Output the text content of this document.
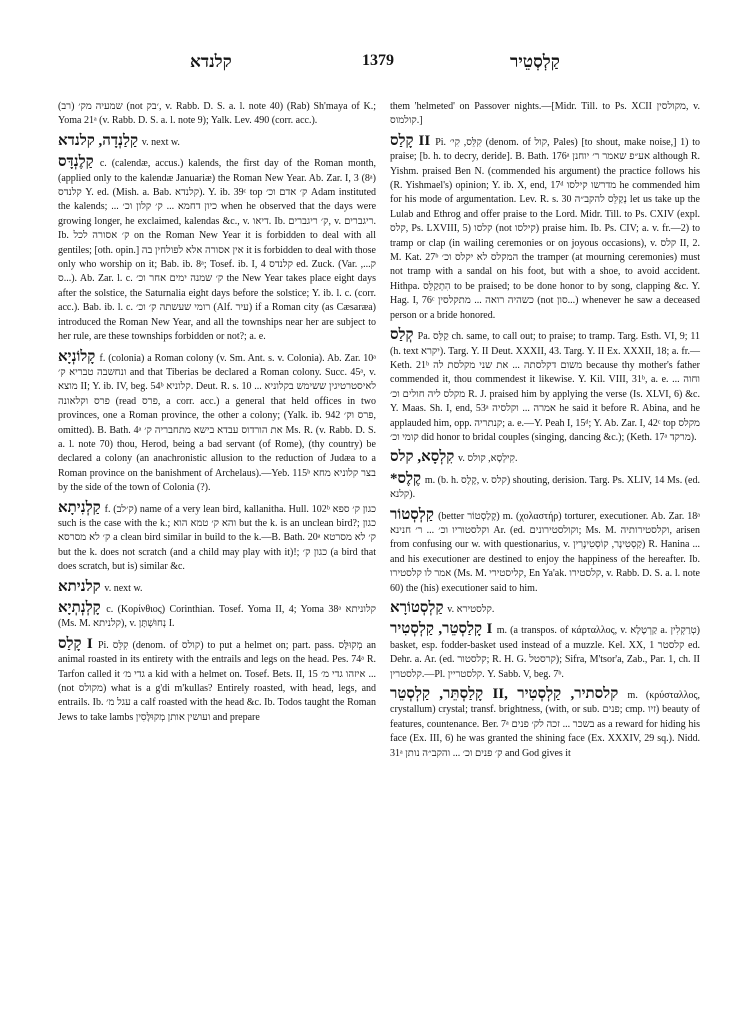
קלנדא	1379	קַלְסְטֵיר

(רב) שמעיה מק׳ (not ׳בק, v. Rabb. D. S. a. l. note 40) (Rab) Sh'maya of K.; Yoma 21ᵃ (v. Rabb. D. S. a. l. note 9); Yalk. Lev. 490 (corr. acc.).

קַלַנְדָה, קלנדא v. next w.
קַלֶנְדָּס c. (calendæ, accus.) kalends, the first day of the Roman month, (applied only to the kalendæ Januariæ) the Roman New Year. Ab. Zar. I, 3 (8ᵃ) קלנדס Y. ed. (Mish. a. Bab. קלנדא). Y. ib. 39ᶜ top ק׳ אדם וכ׳ Adam instituted the kalends; ... כיון דחמא ... ק׳ קלון וכ׳ when he observed that the days were growing longer, he exclaimed, kalendas &c., v. דיאו. Ib. ק׳ ריגברים, v. ריגברים. Ib. ק׳ אסורה לכל on the Roman New Year it is forbidden to deal with all gentiles; [oth. opin.] אין אסורה אלא לפולחין בה it is forbidden to deal with those only who worship on it; Bab. ib. 8ᵃ; Tosef. ib. I, 4 קלנדס ed. Zuck. (Var. ק..., ס...). Ab. Zar. l. c. ק׳ שמנה ימים אחר וכ׳ the New Year takes place eight days after the solstice, the Saturnalia eight days before the solstice; Y. ib. l. c. (corr. acc.). Bab. ib. l. c. רומי שעשתה ק׳ וכ׳ (Alf. עיר) if a Roman city (as Cæsaræa) introduced the Roman New Year, and all the townships near her are subject to her rule, are these townships forbidden or not?; a. e.
קָלוֹנְיָא f. (colonia) a Roman colony (v. Sm. Ant. s. v. Colonia). Ab. Zar. 10ᵃ ונחשבה טבריא ק׳ and that Tiberias be declared a Roman colony. Succ. 45ᵃ, v. מוצא II; Y. ib. IV, beg. 54ᵇ קלוניא. Deut. R. s. 10 לאיסטרטיגין ששימש בקלוניא ... פרס וקלאונה (read פרס, a corr. acc.) a general that held offices in two provinces, one a Roman province, the other a colony; (Yalk. ib. 942 פרס וק׳, omitted). B. Bath. 4ᵃ את הורדוס עבדא בישא מתחבריה ק׳ Ms. R. (v. Rabb. D. S. a. l. note 70) thou, Herod, being a bad servant (of Rome), (thy country) be declared a colony (an anachronistic allusion to the reduction of Judæa to a Roman province on the banishment of Archelaus).—Yeb. 115ᵇ בצר קלוניא מחא by the side of the town of Colonia (?).
קַלְנִיתָא f. (ק׳לב) name of a very lean bird, kallanitha. Hull. 102ᵇ כגון ק׳ ספא such is the case with the k.; והא ק׳ טמא הוא but the k. is an unclean bird?; כגון ק׳ לא מסרסא a clean bird similar in build to the k.—B. Bath. 20ᵃ ק׳ לא מסרטא but the k. does not scratch (and a child may play with it)!; כגון ק׳ (a bird that does scratch, but is) similar &c.
קלניתא v. next w.
קָלְנְתְיָא c. (Κορίνθιος) Corinthian. Tosef. Yoma II, 4; Yoma 38ᵃ קלוניתא (Ms. M. קלניתא), v. נְחוּשְׁתָּן I.
קָלַס I Pi. קִלֵּס (denom. of קולס) to put a helmet on; part. pass. מְקוּלָּס an animal roasted in its entirety with the entrails and legs on the head. Pes. 74ᵃ R. Tarfon called it גדי מ׳ a kid with a helmet on. Tosef. Bets. II, 15 איזהו גדי מ׳ ... (not מקולס) what is a g'di m'kullas? Entirely roasted, with head, legs, and entrails. Ib. עגל מ׳ a calf roasted with the head &c. Ib. Todos taught the Roman Jews to take lambs ועושין אותן מְקוּלָּסִין and prepare

them 'helmeted' on Passover nights.—[Midr. Till. to Ps. XCII מקולסין, v. קולמוס.]

קָלַס II Pi. קִלֵּס, קִי׳ (denom. of קול, Pales) [to shout, make noise,] 1) to praise; [b. h. to decry, deride]. B. Bath. 176ᵃ אע״פ שאמר ר׳ יוחנן although R. Yishm. praised Ben N. (commended his argument) the practice follows his (R. Yishmael's) opinion; Y. ib. X, end, 17ᵈ מדרשו קילסו he commended him for his mode of argumentation. Lev. R. s. 30 נְקַלֵּס להקב״ה let us take up the Lulab and Ethrog and offer praise to the Lord. Midr. Till. to Ps. CXIV (expl. קלס, Ps. LXVIII, 5) קלסו (not קילסו) praise him. Ib. Ps. CIV; a. v. fr.—2) to tramp or clap (in wailing ceremonies or on joyous occasions), v. קלס II, 2. M. Kat. 27ᵇ המקלס לא יקלס וכ׳ the tramper (at mourning ceremonies) must not tramp with a sandal on his foot, but with a shoe, to avoid accident. Hithpa. הִתְקַלֵּס to be praised; to be done honor to by song, clapping &c. Y. Hag. I, 76ᶜ כשהיה רואה ... מתקלסין (not סון...) whenever he saw a deceased person or a bride honored.
קְלַס Pa. קַלֵּס ch. same, to call out; to praise; to tramp. Targ. Esth. VI, 9; 11 (h. text יקרא). Targ. Y. II Deut. XXXII, 43. Targ. Y. II Ex. XXXII, 18; a. fr.—Keth. 21ᵇ משום דקלסתה ... את שני מקלסת לה because thy mother's father commended it, thou commendest it likewise. Y. Kil. VIII, 31ᵇ, a. e. וחוה ... מקלס ליה חולים וכ׳ R. J. praised him by applying the verse (Is. XLVI, 6) &c. Y. Maas. Sh. I, end, 53ᵃ אמרה ... וקלסיה he said it before R. Abina, and he applauded him, opp. קנתריה; a. e.—Y. Peah I, 15ᵈ; Y. Ab. Zar. I, 42ᶜ top מקלס קומי וכ׳ did honor to bridal couples (singing, dancing &c.); (Keth. 17ᵃ מרקד).
קִלְסָא, קלס v. קִילְסָא, קולס.
*קֶלֶס m. (b. h. קֶלֶס, v. קלס) shouting, derision. Targ. Ps. XLIV, 14 Ms. (ed. קלנא).
קַלְסְטוֹר (better קָלַסְטוֹר) m. (χολαστήρ) torturer, executioner. Ab. Zar. 18ᵃ וקלסטוריו וכ׳ ... ר׳ חנינא Ar. (ed. וקולסטירונים; Ms. M. וקלסטירותיה, arisen from confusing our w. with questionarius, v. קַסְטִינָר, קוֹסְטִינָרִין) R. Hanina ... and his executioner are destined to enjoy the happiness of the hereafter. Ib. אמר לו קלסטירו (Ms. M. קליסטירי, En Ya'ak. קלסטירו, v. Rabb. D. S. a. l. note 60) the (his) executioner said to him.
קַלְסְטוֹרָא v. קלסטירא.
קָלַסְטֵר, קַלְסְטִיר I m. (a transpos. of κάρταλλος, v. קַרְטָלָא a. טְרַקְלִין) basket, esp. fodder-basket used instead of a muzzle. Kel. XX, 1 קלסטר ed. Dehr. a. Ar. (ed. קלסטור; R. H. G. קרסטל); Sifra, M'tsor'a, Zab., Par. 1, ch. II קלסטרין.—Pl. קלסטריין. Y. Sabb. V, beg. 7ᵇ.
קָלַסְתֵּר, קַלְסְטֵר II, קלסתיר, קַלְסְטִיר m. (κρύσταλλος, crystallum) crystal; transf. brightness, (with, or sub. פנים; cmp. זיו) beauty of features, countenance. Ber. 7ᵃ בשכר ... זכה לק׳ פנים as a reward for hiding his face (Ex. III, 6) he was granted the shining face (Ex. XXXIV, 29 sq.). Nidd. 31ᵃ ק׳ פנים וכ׳ ... והקב״ה נותן and God gives it
